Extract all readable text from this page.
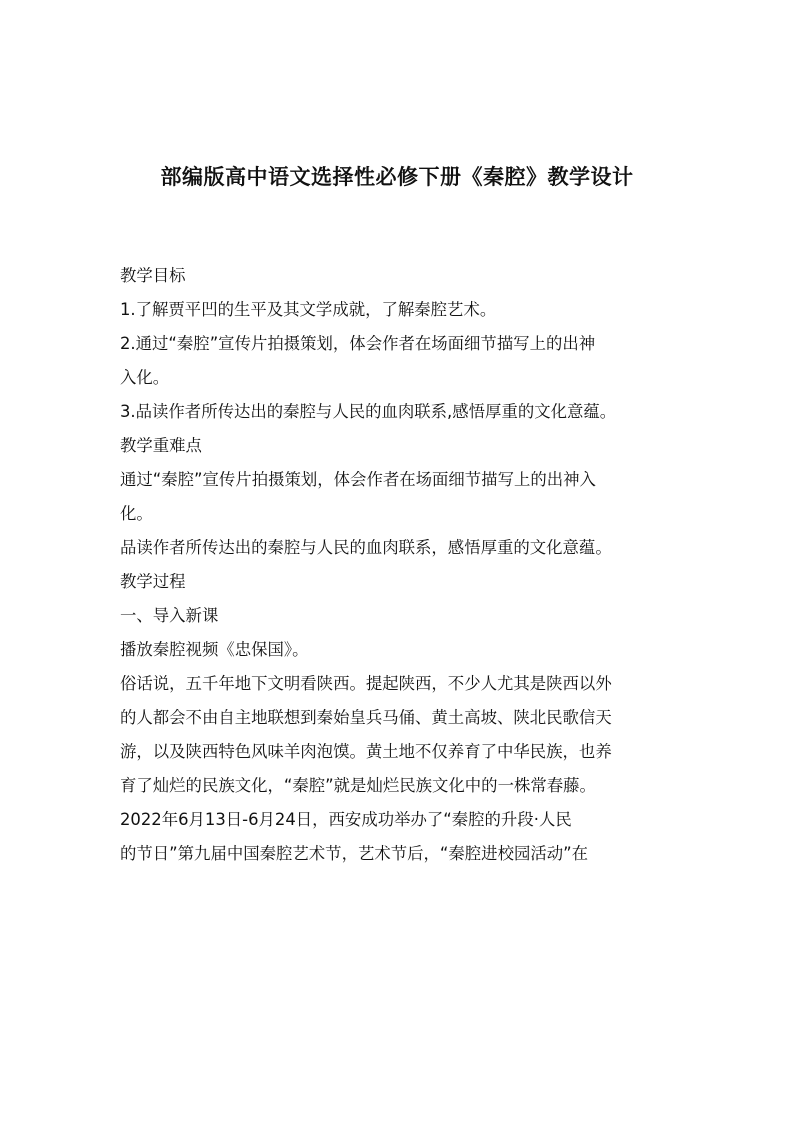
部编版高中语文选择性必修下册《秦腔》教学设计
教学目标
1.了解贾平凹的生平及其文学成就，了解秦腔艺术。
2.通过“秦腔”宣传片拍摄策划，体会作者在场面细节描写上的出神
入化。
3.品读作者所传达出的秦腔与人民的血肉联系,感悟厚重的文化意蕴。
教学重难点
通过“秦腔”宣传片拍摄策划，体会作者在场面细节描写上的出神入
化。
品读作者所传达出的秦腔与人民的血肉联系，感悟厚重的文化意蕴。
教学过程
一、导入新课
播放秦腔视频《忠保国》。
俗话说，五千年地下文明看陕西。提起陕西，不少人尤其是陕西以外
的人都会不由自主地联想到秦始皇兵马俑、黄土高坡、陕北民歌信天
游，以及陕西特色风味羊肉泡馍。黄土地不仅养育了中华民族，也养
育了灿烂的民族文化，“秦腔”就是灿烂民族文化中的一株常春藤。
2022年6月13日-6月24日，西安成功举办了“秦腔的升段·人民
的节日”第九届中国秦腔艺术节，艺术节后，“秦腔进校园活动”在
